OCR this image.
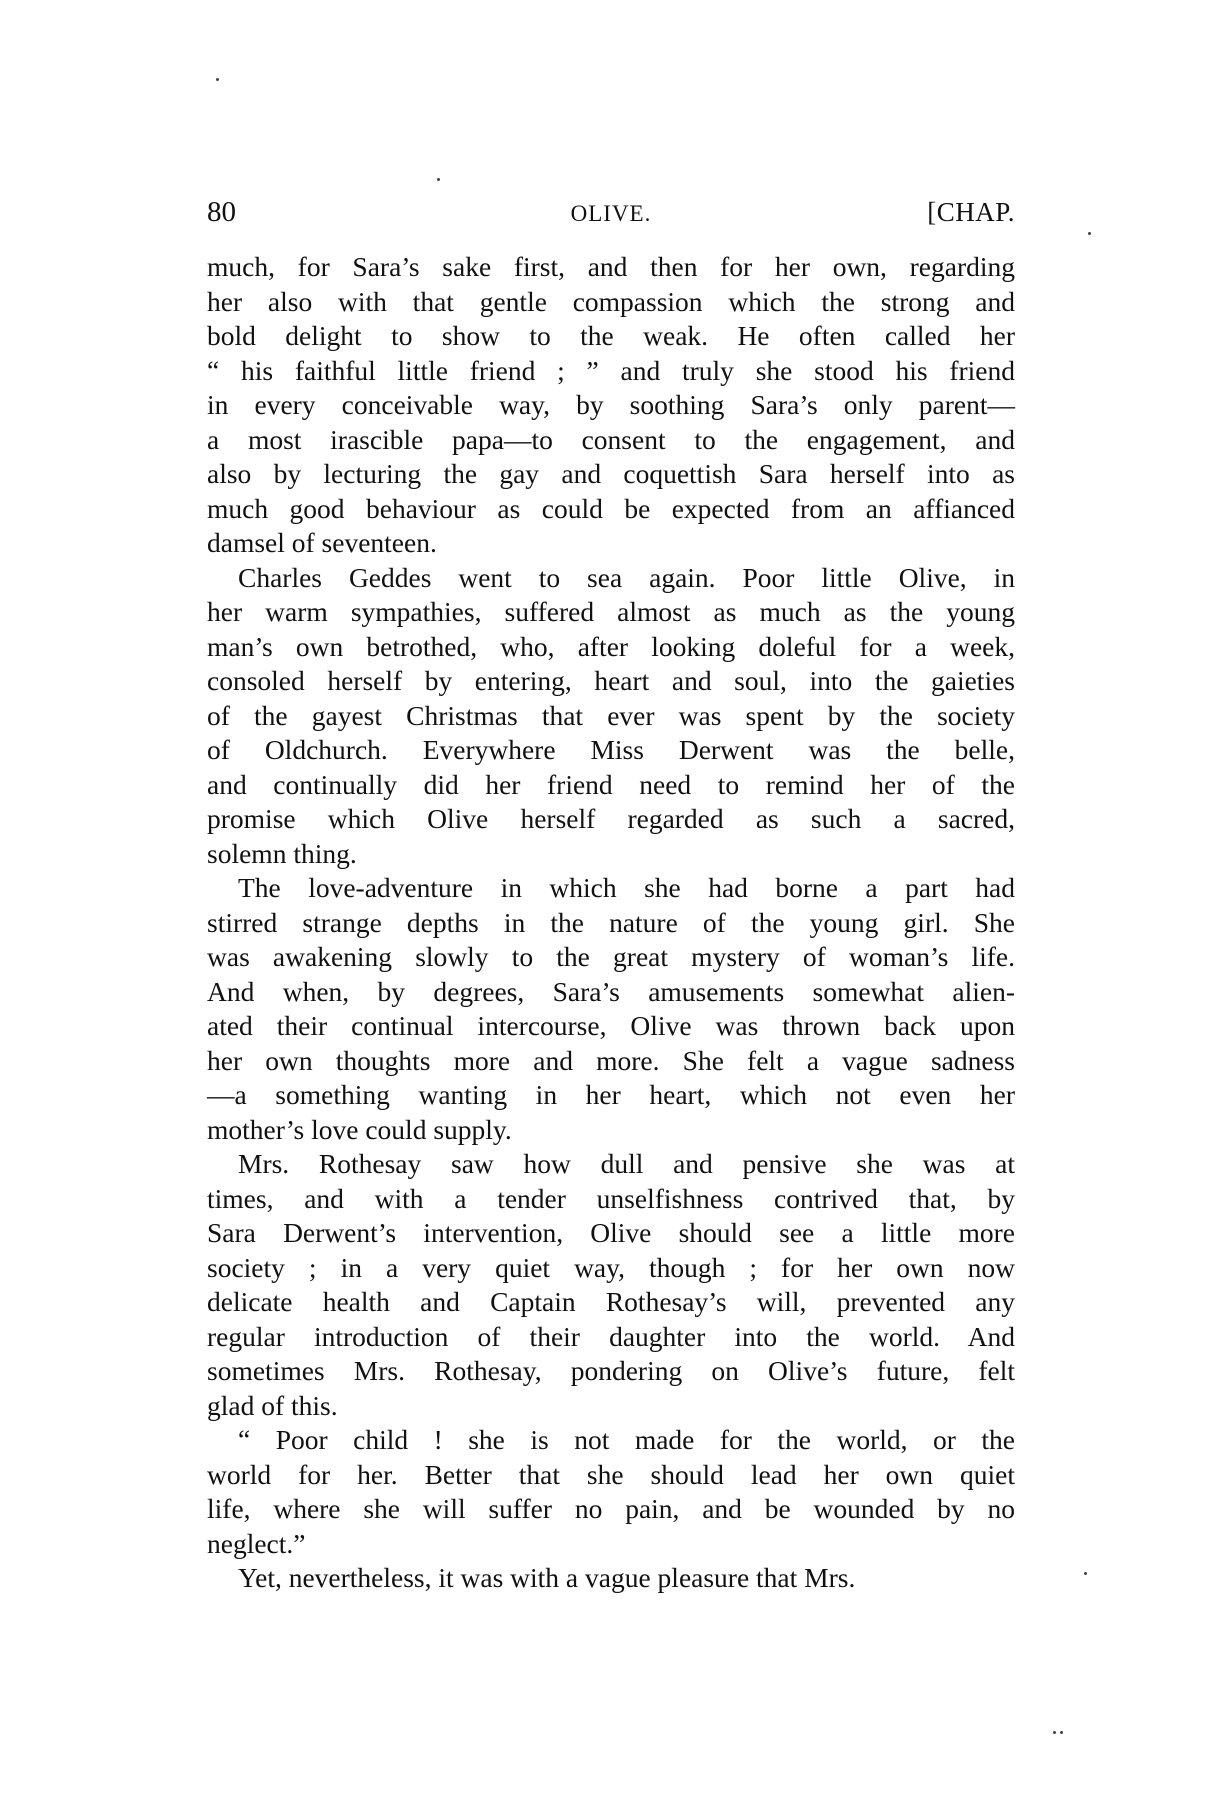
80	OLIVE.	[CHAP.
much, for Sara’s sake first, and then for her own, regarding
her also with that gentle compassion which the strong and
bold delight to show to the weak. He often called her
“ his faithful little friend ; ” and truly she stood his friend
in every conceivable way, by soothing Sara’s only parent—
a most irascible papa—to consent to the engagement, and
also by lecturing the gay and coquettish Sara herself into as
much good behaviour as could be expected from an affianced
damsel of seventeen.
Charles Geddes went to sea again. Poor little Olive, in
her warm sympathies, suffered almost as much as the young
man’s own betrothed, who, after looking doleful for a week,
consoled herself by entering, heart and soul, into the gaieties
of the gayest Christmas that ever was spent by the society
of Oldchurch. Everywhere Miss Derwent was the belle,
and continually did her friend need to remind her of the
promise which Olive herself regarded as such a sacred,
solemn thing.
The love-adventure in which she had borne a part had
stirred strange depths in the nature of the young girl. She
was awakening slowly to the great mystery of woman’s life.
And when, by degrees, Sara’s amusements somewhat alien-
ated their continual intercourse, Olive was thrown back upon
her own thoughts more and more. She felt a vague sadness
—a something wanting in her heart, which not even her
mother’s love could supply.
Mrs. Rothesay saw how dull and pensive she was at
times, and with a tender unselfishness contrived that, by
Sara Derwent’s intervention, Olive should see a little more
society ; in a very quiet way, though ; for her own now
delicate health and Captain Rothesay’s will, prevented any
regular introduction of their daughter into the world. And
sometimes Mrs. Rothesay, pondering on Olive’s future, felt
glad of this.
“ Poor child ! she is not made for the world, or the
world for her. Better that she should lead her own quiet
life, where she will suffer no pain, and be wounded by no
neglect.”
Yet, nevertheless, it was with a vague pleasure that Mrs.
